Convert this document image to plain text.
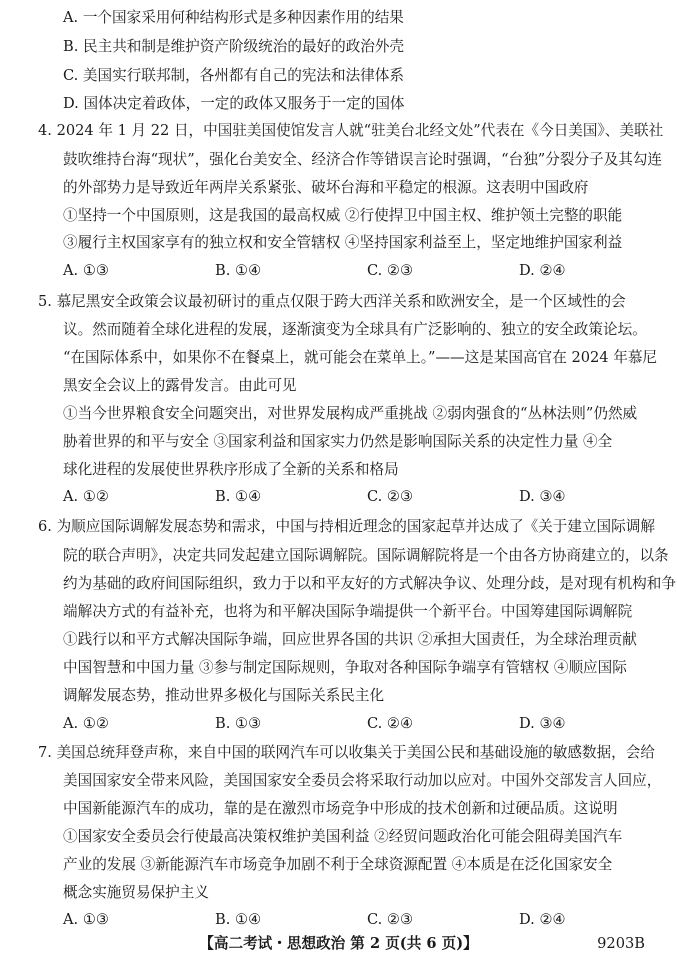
A. 一个国家采用何种结构形式是多种因素作用的结果
B. 民主共和制是维护资产阶级统治的最好的政治外壳
C. 美国实行联邦制，各州都有自己的宪法和法律体系
D. 国体决定着政体，一定的政体又服务于一定的国体
4. 2024 年 1 月 22 日，中国驻美国使馆发言人就“驻美台北经文处”代表在《今日美国》、美联社
鼓吹维持台海“现状”，强化台美安全、经济合作等错误言论时强调，“台独”分裂分子及其勾连
的外部势力是导致近年两岸关系紧张、破坏台海和平稳定的根源。这表明中国政府
①坚持一个中国原则，这是我国的最高权威 ②行使捍卫中国主权、维护领土完整的职能
③履行主权国家享有的独立权和安全管辖权 ④坚持国家利益至上，坚定地维护国家利益
A. ①③	B. ①④	C. ②③	D. ②④
5. 慕尼黑安全政策会议最初研讨的重点仅限于跨大西洋关系和欧洲安全，是一个区域性的会
议。然而随着全球化进程的发展，逐渐演变为全球具有广泛影响的、独立的安全政策论坛。
“在国际体系中，如果你不在餐桌上，就可能会在菜单上。”——这是某国高官在 2024 年慕尼
黑安全会议上的露骨发言。由此可见
①当今世界粮食安全问题突出，对世界发展构成严重挑战 ②弱肉强食的“丛林法则”仍然威
胁着世界的和平与安全 ③国家利益和国家实力仍然是影响国际关系的决定性力量 ④全
球化进程的发展使世界秩序形成了全新的关系和格局
A. ①②	B. ①④	C. ②③	D. ③④
6. 为顺应国际调解发展态势和需求，中国与持相近理念的国家起草并达成了《关于建立国际调解
院的联合声明》，决定共同发起建立国际调解院。国际调解院将是一个由各方协商建立的，以条
约为基础的政府间国际组织，致力于以和平友好的方式解决争议、处理分歧，是对现有机构和争
端解决方式的有益补充，也将为和平解决国际争端提供一个新平台。中国筹建国际调解院
①践行以和平方式解决国际争端，回应世界各国的共识 ②承担大国责任，为全球治理贡献
中国智慧和中国力量 ③参与制定国际规则，争取对各种国际争端享有管辖权 ④顺应国际
调解发展态势，推动世界多极化与国际关系民主化
A. ①②	B. ①③	C. ②④	D. ③④
7. 美国总统拜登声称，来自中国的联网汽车可以收集关于美国公民和基础设施的敏感数据，会给
美国国家安全带来风险，美国国家安全委员会将采取行动加以应对。中国外交部发言人回应，
中国新能源汽车的成功，靠的是在激烈市场竞争中形成的技术创新和过硬品质。这说明
①国家安全委员会行使最高决策权维护美国利益 ②经贸问题政治化可能会阻碍美国汽车
产业的发展 ③新能源汽车市场竞争加剧不利于全球资源配置 ④本质是在泛化国家安全
概念实施贸易保护主义
A. ①③	B. ①④	C. ②③	D. ②④
【高二考试・思想政治 第 2 页(共 6 页)】	9203B
